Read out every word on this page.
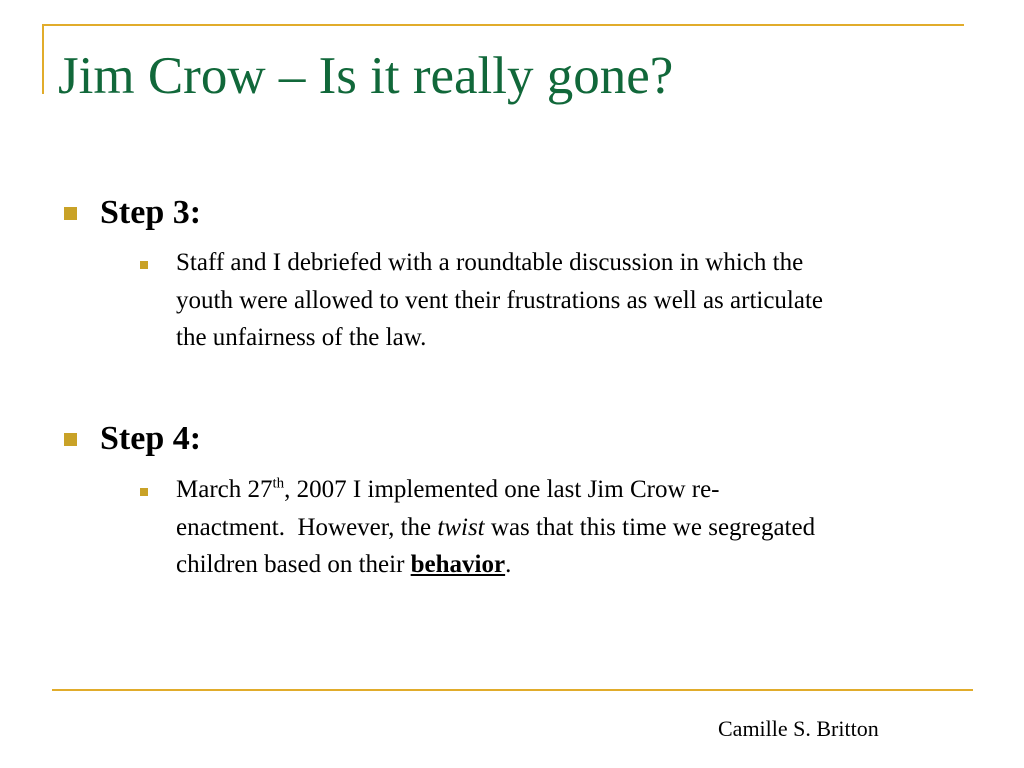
Jim Crow – Is it really gone?

Step 3:

Staff and I debriefed with a roundtable discussion in which the
youth were allowed to vent their frustrations as well as articulate
the unfairness of the law.

Step 4:

March 27th, 2007 I implemented one last Jim Crow re-
enactment.  However, the twist was that this time we segregated
children based on their behavior.

Camille S. Britton
